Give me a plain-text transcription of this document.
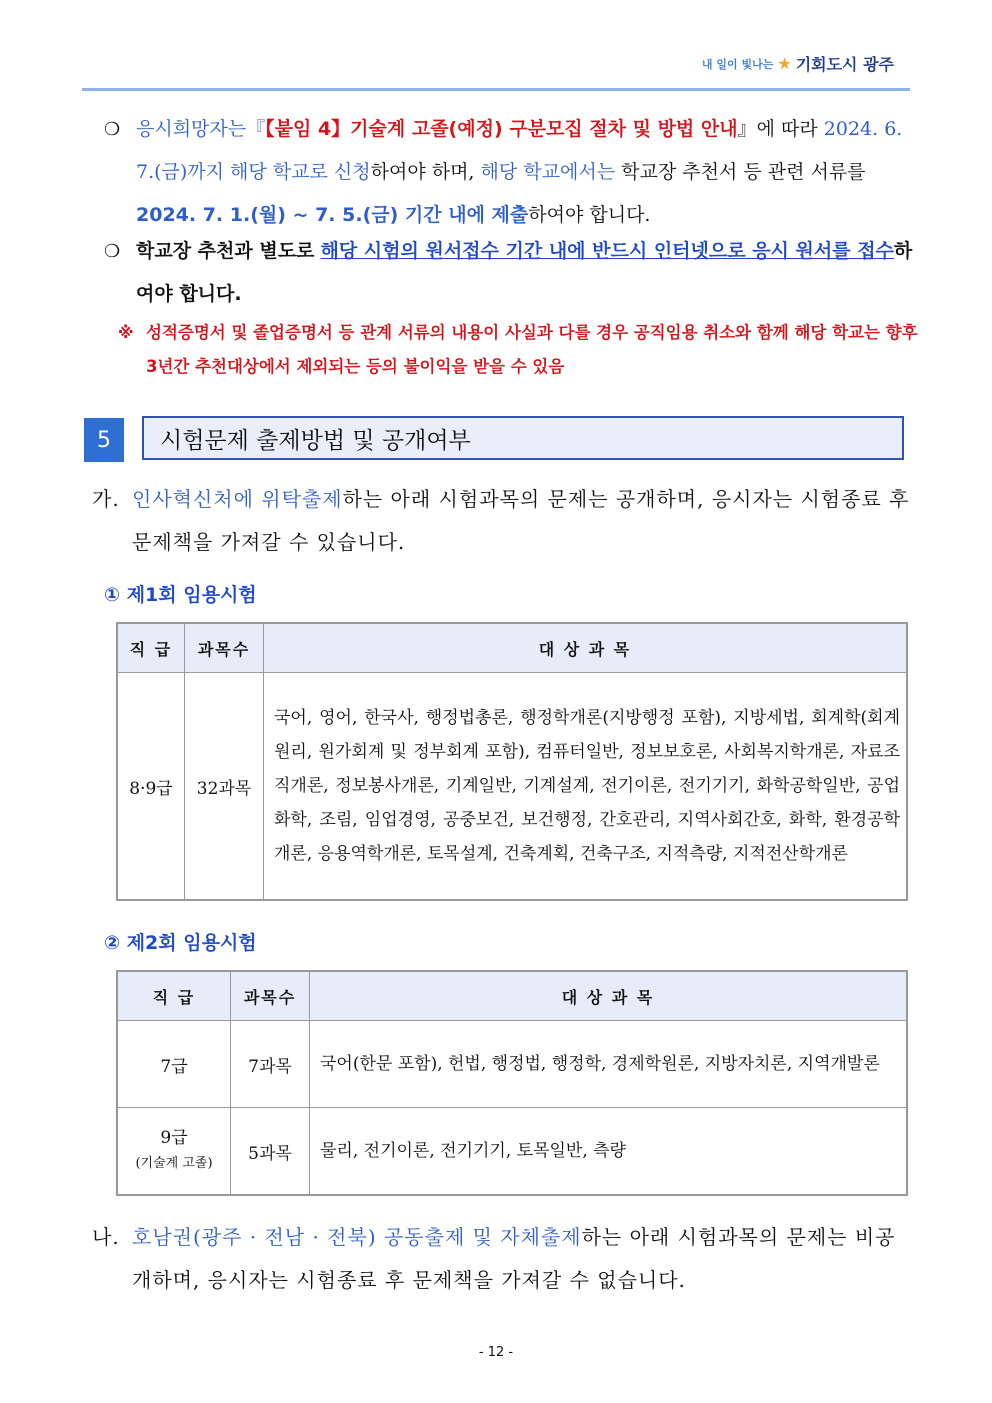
내 일이 빛나는 ★ 기회도시 광주
❍ 응시희망자는『【붙임 4】기술계 고졸(예정) 구분모집 절차 및 방법 안내』에 따라 2024. 6. 7.(금)까지 해당 학교로 신청하여야 하며, 해당 학교에서는 학교장 추천서 등 관련 서류를 2024. 7. 1.(월) ~ 7. 5.(금) 기간 내에 제출하여야 합니다.
❍ 학교장 추천과 별도로 해당 시험의 원서접수 기간 내에 반드시 인터넷으로 응시 원서를 접수하여야 합니다.
※ 성적증명서 및 졸업증명서 등 관계 서류의 내용이 사실과 다를 경우 공직임용 취소와 함께 해당 학교는 향후 3년간 추천대상에서 제외되는 등의 불이익을 받을 수 있음
5	시험문제 출제방법 및 공개여부
가. 인사혁신처에 위탁출제하는 아래 시험과목의 문제는 공개하며, 응시자는 시험종료 후 문제책을 가져갈 수 있습니다.
① 제1회 임용시험
직 급	과목수	대 상 과 목
8·9급	32과목	국어, 영어, 한국사, 행정법총론, 행정학개론(지방행정 포함), 지방세법, 회계학(회계원리, 원가회계 및 정부회계 포함), 컴퓨터일반, 정보보호론, 사회복지학개론, 자료조직개론, 정보봉사개론, 기계일반, 기계설계, 전기이론, 전기기기, 화학공학일반, 공업화학, 조림, 임업경영, 공중보건, 보건행정, 간호관리, 지역사회간호, 화학, 환경공학개론, 응용역학개론, 토목설계, 건축계획, 건축구조, 지적측량, 지적전산학개론
② 제2회 임용시험
직 급	과목수	대 상 과 목
7급	7과목	국어(한문 포함), 헌법, 행정법, 행정학, 경제학원론, 지방자치론, 지역개발론

9급
(기술계 고졸)	5과목	물리, 전기이론, 전기기기, 토목일반, 측량
나. 호남권(광주 · 전남 · 전북) 공동출제 및 자체출제하는 아래 시험과목의 문제는 비공개하며, 응시자는 시험종료 후 문제책을 가져갈 수 없습니다.
- 12 -
